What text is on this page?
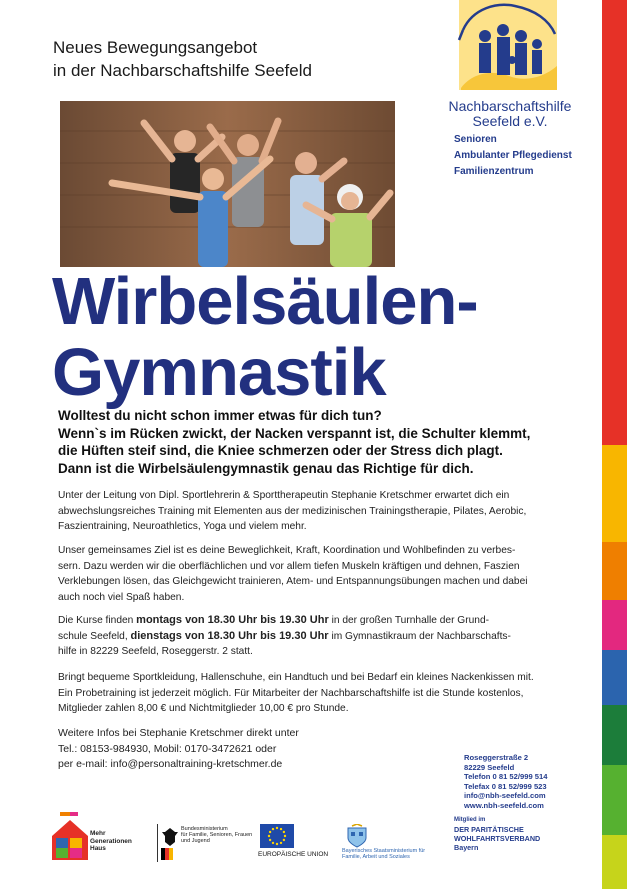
Neues Bewegungsangebot
in der Nachbarschaftshilfe Seefeld
Nachbarschaftshilfe
Seefeld e.V.
Senioren
Ambulanter Pflegedienst
Familienzentrum
Wirbelsäulen-
Gymnastik
Wolltest du nicht schon immer etwas für dich tun?
Wenn`s im Rücken zwickt, der Nacken verspannt ist, die Schulter klemmt,
die Hüften steif sind, die Kniee schmerzen oder der Stress dich plagt.
Dann ist die Wirbelsäulengymnastik genau das Richtige für dich.
Unter der Leitung von Dipl. Sportlehrerin & Sporttherapeutin Stephanie Kretschmer erwartet dich ein
abwechslungsreiches Training mit Elementen aus der medizinischen Trainingstherapie, Pilates, Aerobic,
Faszientraining, Neuroathletics, Yoga und vielem mehr.
Unser gemeinsames Ziel ist es deine Beweglichkeit, Kraft, Koordination und Wohlbefinden zu verbes-
sern. Dazu werden wir die oberflächlichen und vor allem tiefen Muskeln kräftigen und dehnen, Faszien
Verklebungen lösen, das Gleichgewicht trainieren, Atem- und Entspannungsübungen machen und dabei
auch noch viel Spaß haben.
Die Kurse finden montags von 18.30 Uhr bis 19.30 Uhr in der großen Turnhalle der Grund-
schule Seefeld, dienstags von 18.30 Uhr bis 19.30 Uhr im Gymnastikraum der Nachbarschafts-
hilfe in 82229 Seefeld, Roseggerstr. 2 statt.
Bringt bequeme Sportkleidung, Hallenschuhe, ein Handtuch und bei Bedarf ein kleines Nackenkissen mit.
Ein Probetraining ist jederzeit möglich. Für Mitarbeiter der Nachbarschaftshilfe ist die Stunde kostenlos,
Mitglieder zahlen 8,00 € und Nichtmitglieder 10,00 € pro Stunde.
Weitere Infos bei Stephanie Kretschmer direkt unter
Tel.: 08153-984930, Mobil: 0170-3472621 oder
per e-mail: info@personaltraining-kretschmer.de
Roseggerstraße 2
82229 Seefeld
Telefon 0 81 52/999 514
Telefax 0 81 52/999 523
info@nbh-seefeld.com
www.nbh-seefeld.com
Mitglied im
DER PARITÄTISCHE
WOHLFAHRTSVERBAND
Bayern
Mehr
Generationen
Haus
Bundesministerium
für Familie, Senioren, Frauen
und Jugend
EUROPÄISCHE UNION
	Bayerisches Staatsministerium für
Familie, Arbeit und Soziales
